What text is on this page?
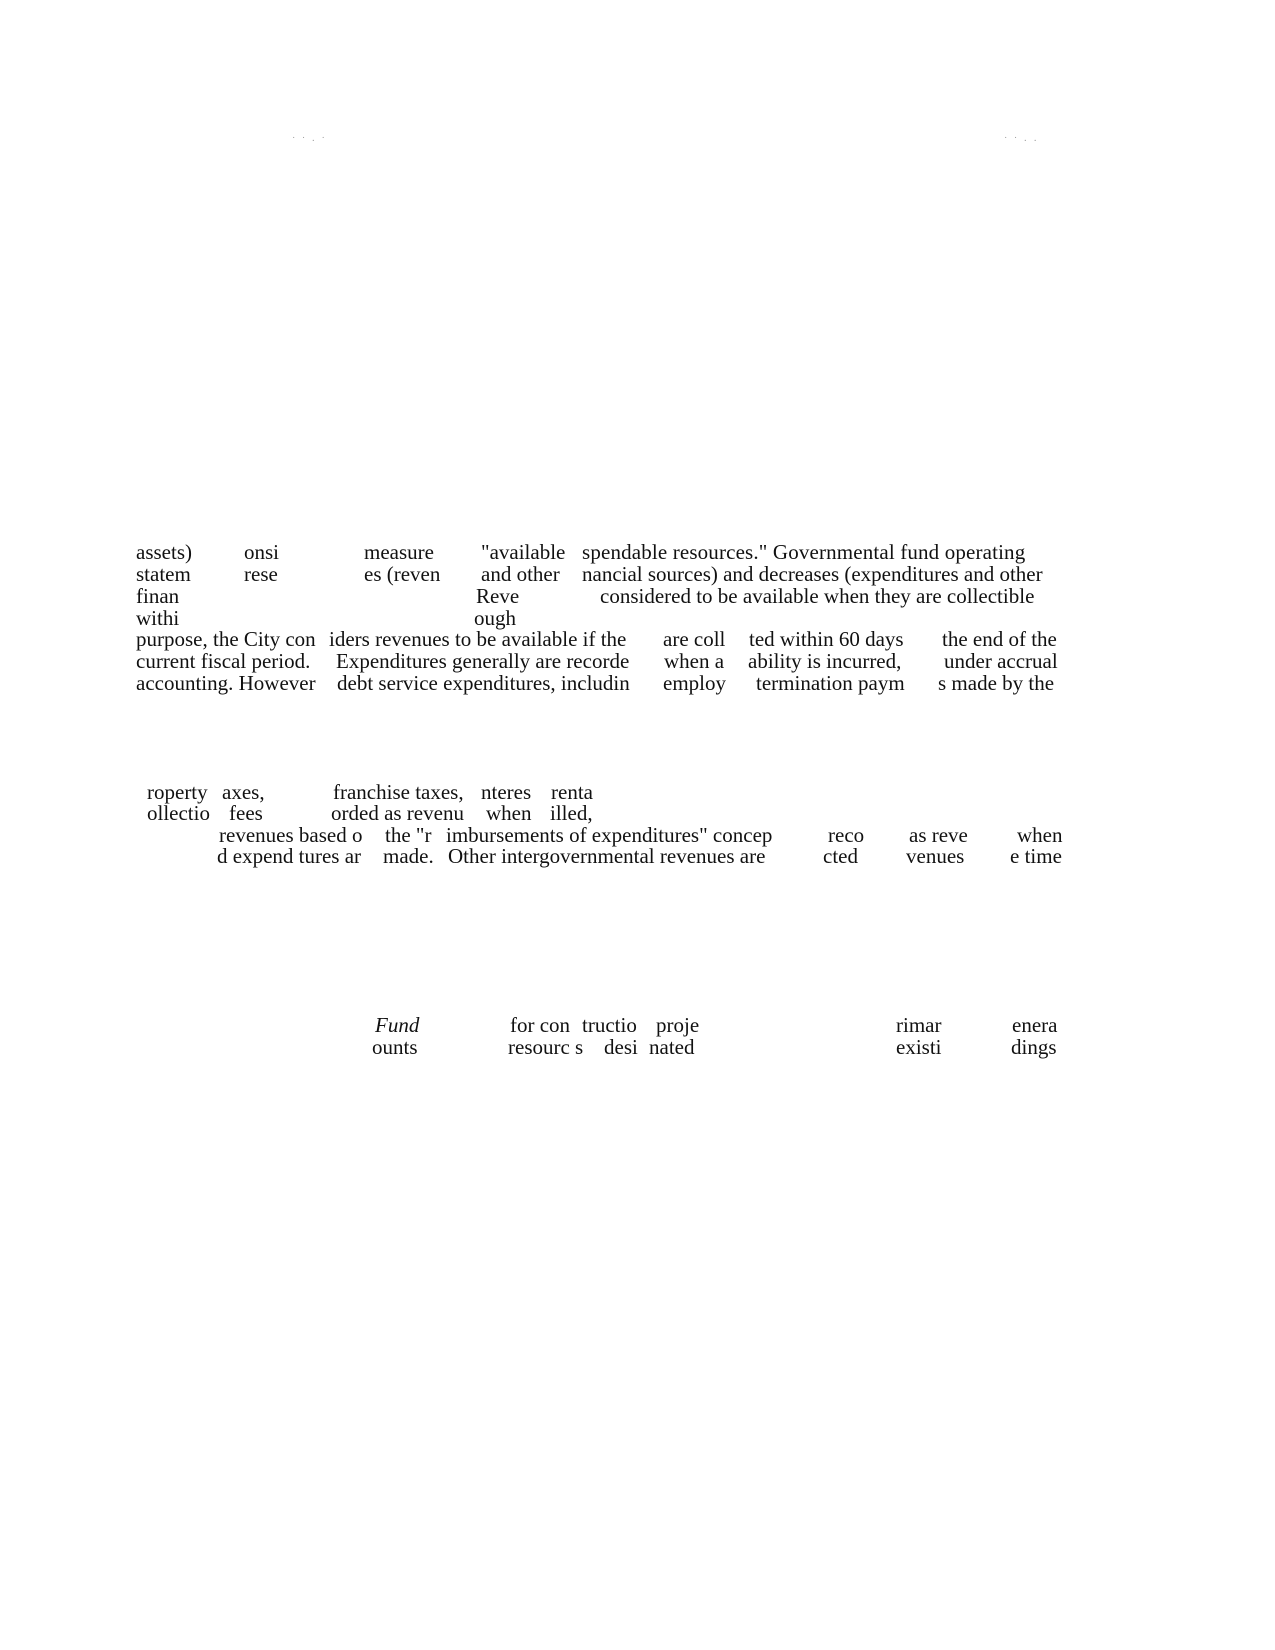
˙ ˙ · ˙	˙ ˙ · ·
assets) onsi	measure "available spendable resources." Governmental fund operating
statem	rese	es (reven and other nancial sources) and decreases (expenditures and other
finan	Reve	considered to be available when they are collectible
withi	ough
purpose, the City con iders revenues to be available if the are coll ted within 60 days the end of the
current fiscal period. Expenditures generally are recorde when a ability is incurred, under accrual
accounting. However debt service expenditures, includin employ termination paym s made by the
roperty axes,	franchise taxes, nteres renta
ollectio fees	orded as revenu when illed,
revenues based o the "r imbursements of expenditures" concep	reco as reve when
d expend tures ar made. Other intergovernmental revenues are	cted venues e time
Fund	for con tructio proje	rimar	enera
ounts	resourc s desi nated	existi	dings
